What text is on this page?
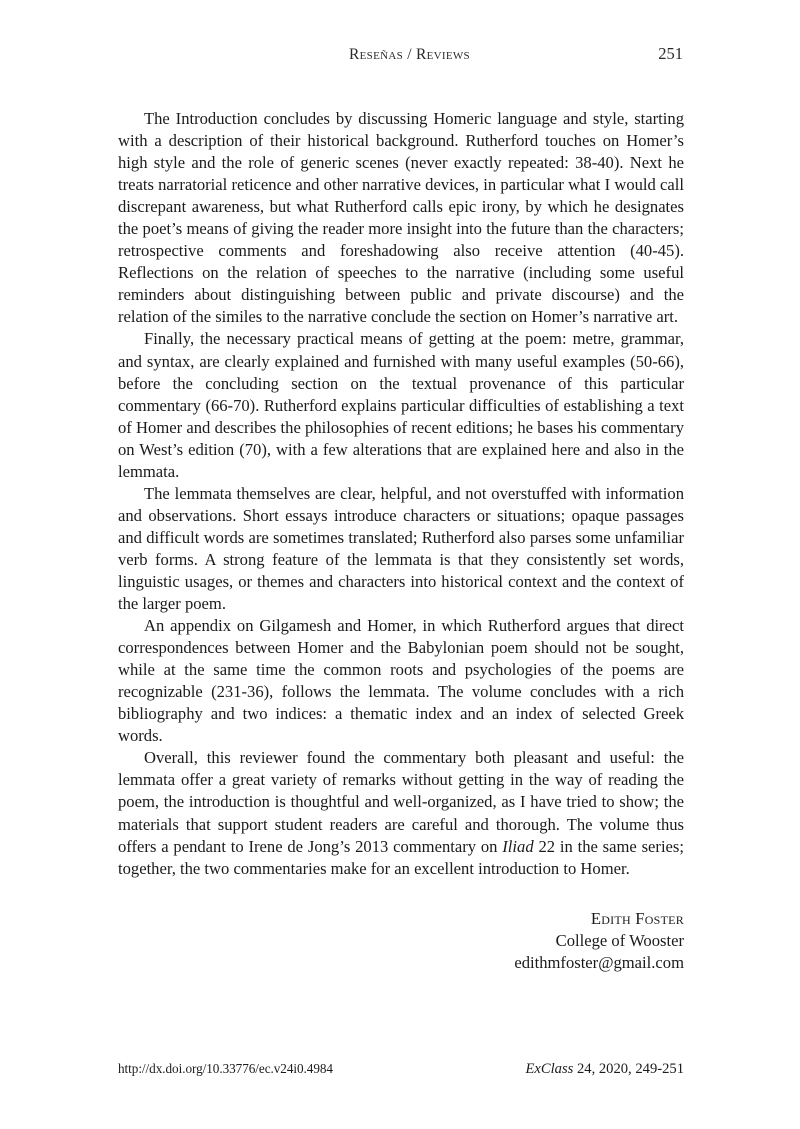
Reseñas / Reviews	251

The Introduction concludes by discussing Homeric language and style, starting with a description of their historical background. Rutherford touches on Homer’s high style and the role of generic scenes (never exactly repeated: 38-40). Next he treats narratorial reticence and other narrative devices, in particular what I would call discrepant awareness, but what Rutherford calls epic irony, by which he designates the poet’s means of giving the reader more insight into the future than the characters; retrospective comments and foreshadowing also receive attention (40-45). Reflections on the relation of speeches to the narrative (including some useful reminders about distinguishing between public and private discourse) and the relation of the similes to the narrative conclude the section on Homer’s narrative art.

Finally, the necessary practical means of getting at the poem: metre, grammar, and syntax, are clearly explained and furnished with many useful examples (50-66), before the concluding section on the textual provenance of this particular commentary (66-70). Rutherford explains particular difficulties of establishing a text of Homer and describes the philosophies of recent editions; he bases his commentary on West’s edition (70), with a few alterations that are explained here and also in the lemmata.

The lemmata themselves are clear, helpful, and not overstuffed with information and observations. Short essays introduce characters or situations; opaque passages and difficult words are sometimes translated; Rutherford also parses some unfamiliar verb forms. A strong feature of the lemmata is that they consistently set words, linguistic usages, or themes and characters into historical context and the context of the larger poem.

An appendix on Gilgamesh and Homer, in which Rutherford argues that direct correspondences between Homer and the Babylonian poem should not be sought, while at the same time the common roots and psychologies of the poems are recognizable (231-36), follows the lemmata. The volume concludes with a rich bibliography and two indices: a thematic index and an index of selected Greek words.

Overall, this reviewer found the commentary both pleasant and useful: the lemmata offer a great variety of remarks without getting in the way of reading the poem, the introduction is thoughtful and well-organized, as I have tried to show; the materials that support student readers are careful and thorough. The volume thus offers a pendant to Irene de Jong’s 2013 commentary on Iliad 22 in the same series; together, the two commentaries make for an excellent introduction to Homer.

Edith Foster
College of Wooster
edithmfoster@gmail.com
http://dx.doi.org/10.33776/ec.v24i0.4984	ExClass 24, 2020, 249-251
